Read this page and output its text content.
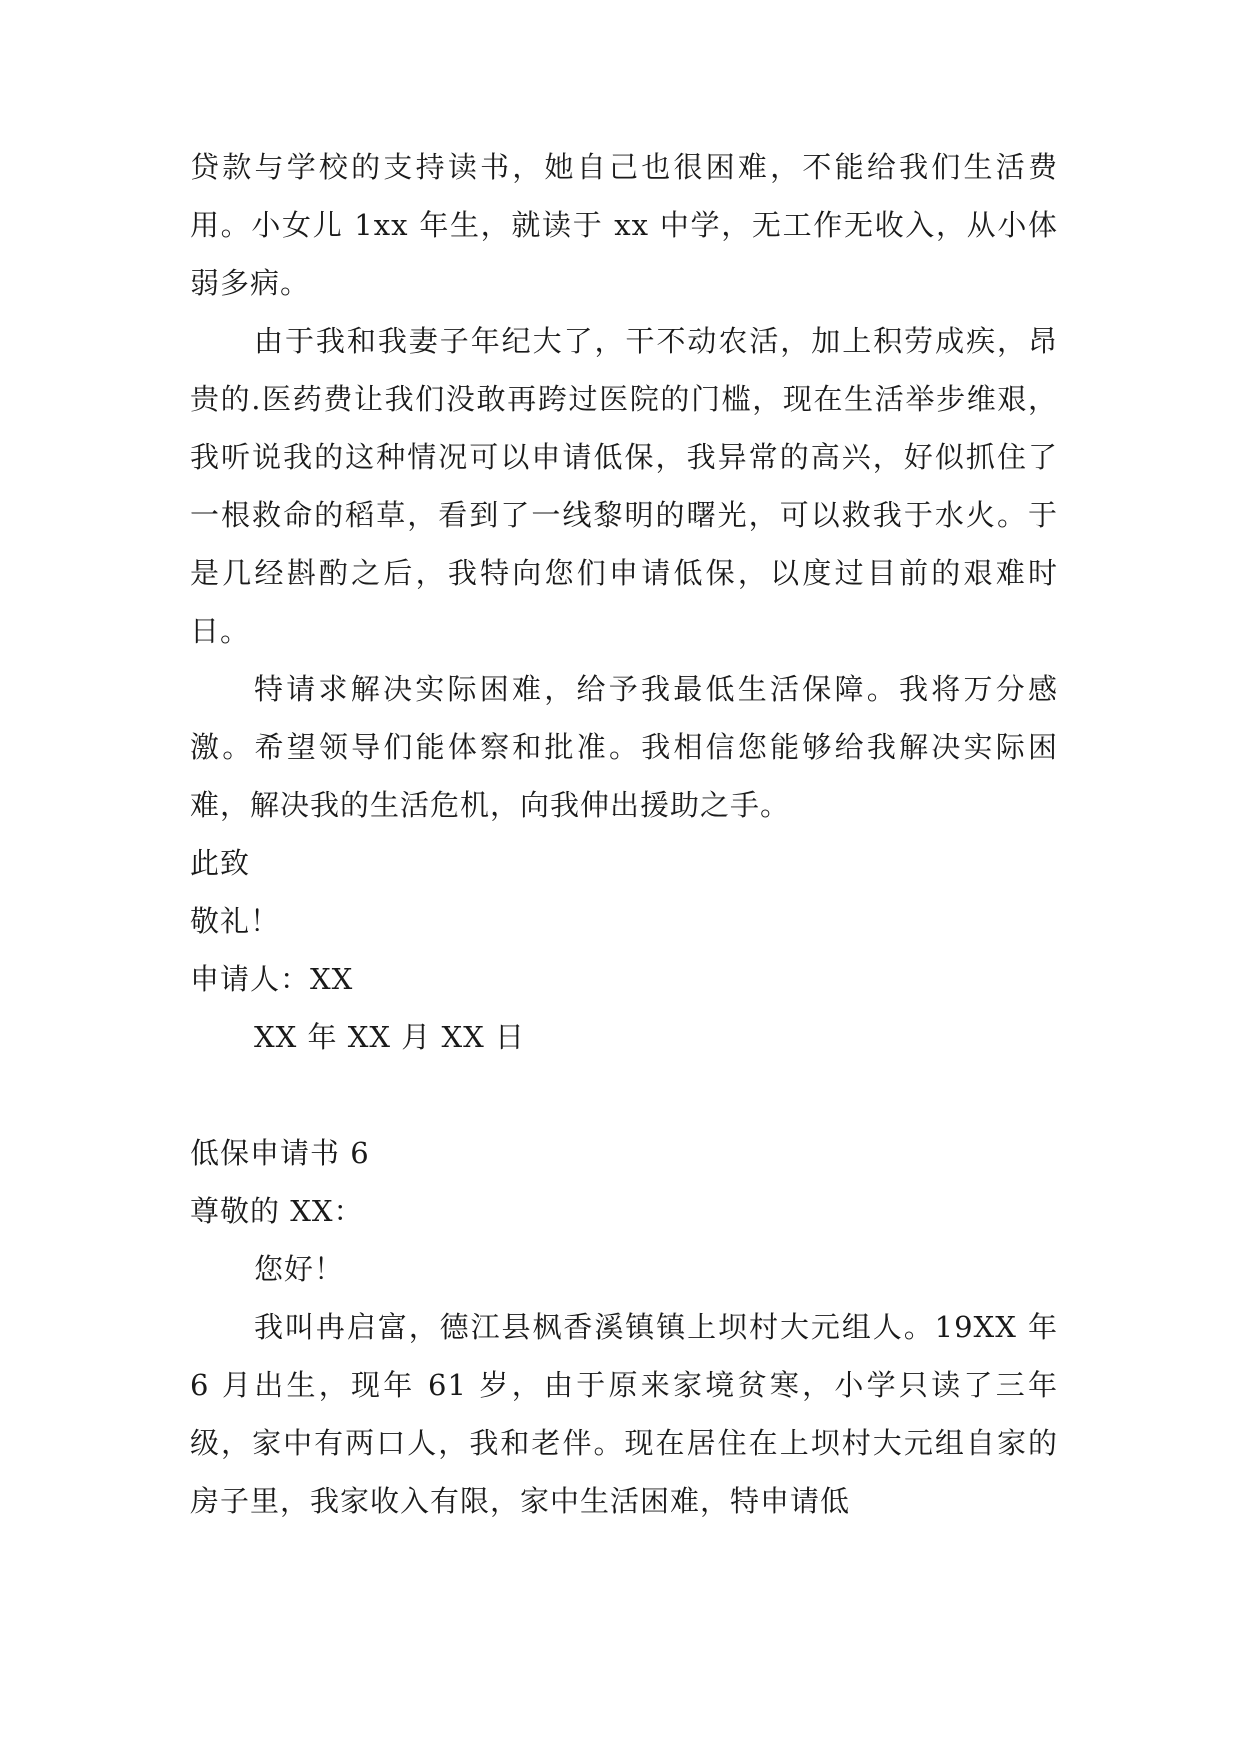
贷款与学校的支持读书，她自己也很困难，不能给我们生活费用。小女儿 1xx 年生，就读于 xx 中学，无工作无收入，从小体弱多病。

由于我和我妻子年纪大了，干不动农活，加上积劳成疾，昂贵的.医药费让我们没敢再跨过医院的门槛，现在生活举步维艰，我听说我的这种情况可以申请低保，我异常的高兴，好似抓住了一根救命的稻草，看到了一线黎明的曙光，可以救我于水火。于是几经斟酌之后，我特向您们申请低保，以度过目前的艰难时日。

特请求解决实际困难，给予我最低生活保障。我将万分感激。希望领导们能体察和批准。我相信您能够给我解决实际困难，解决我的生活危机，向我伸出援助之手。

此致

敬礼！

申请人：XX

XX 年 XX 月 XX 日

低保申请书 6

尊敬的 XX：

您好！

我叫冉启富，德江县枫香溪镇镇上坝村大元组人。19XX 年 6 月出生，现年 61 岁，由于原来家境贫寒，小学只读了三年级，家中有两口人，我和老伴。现在居住在上坝村大元组自家的房子里，我家收入有限，家中生活困难，特申请低
